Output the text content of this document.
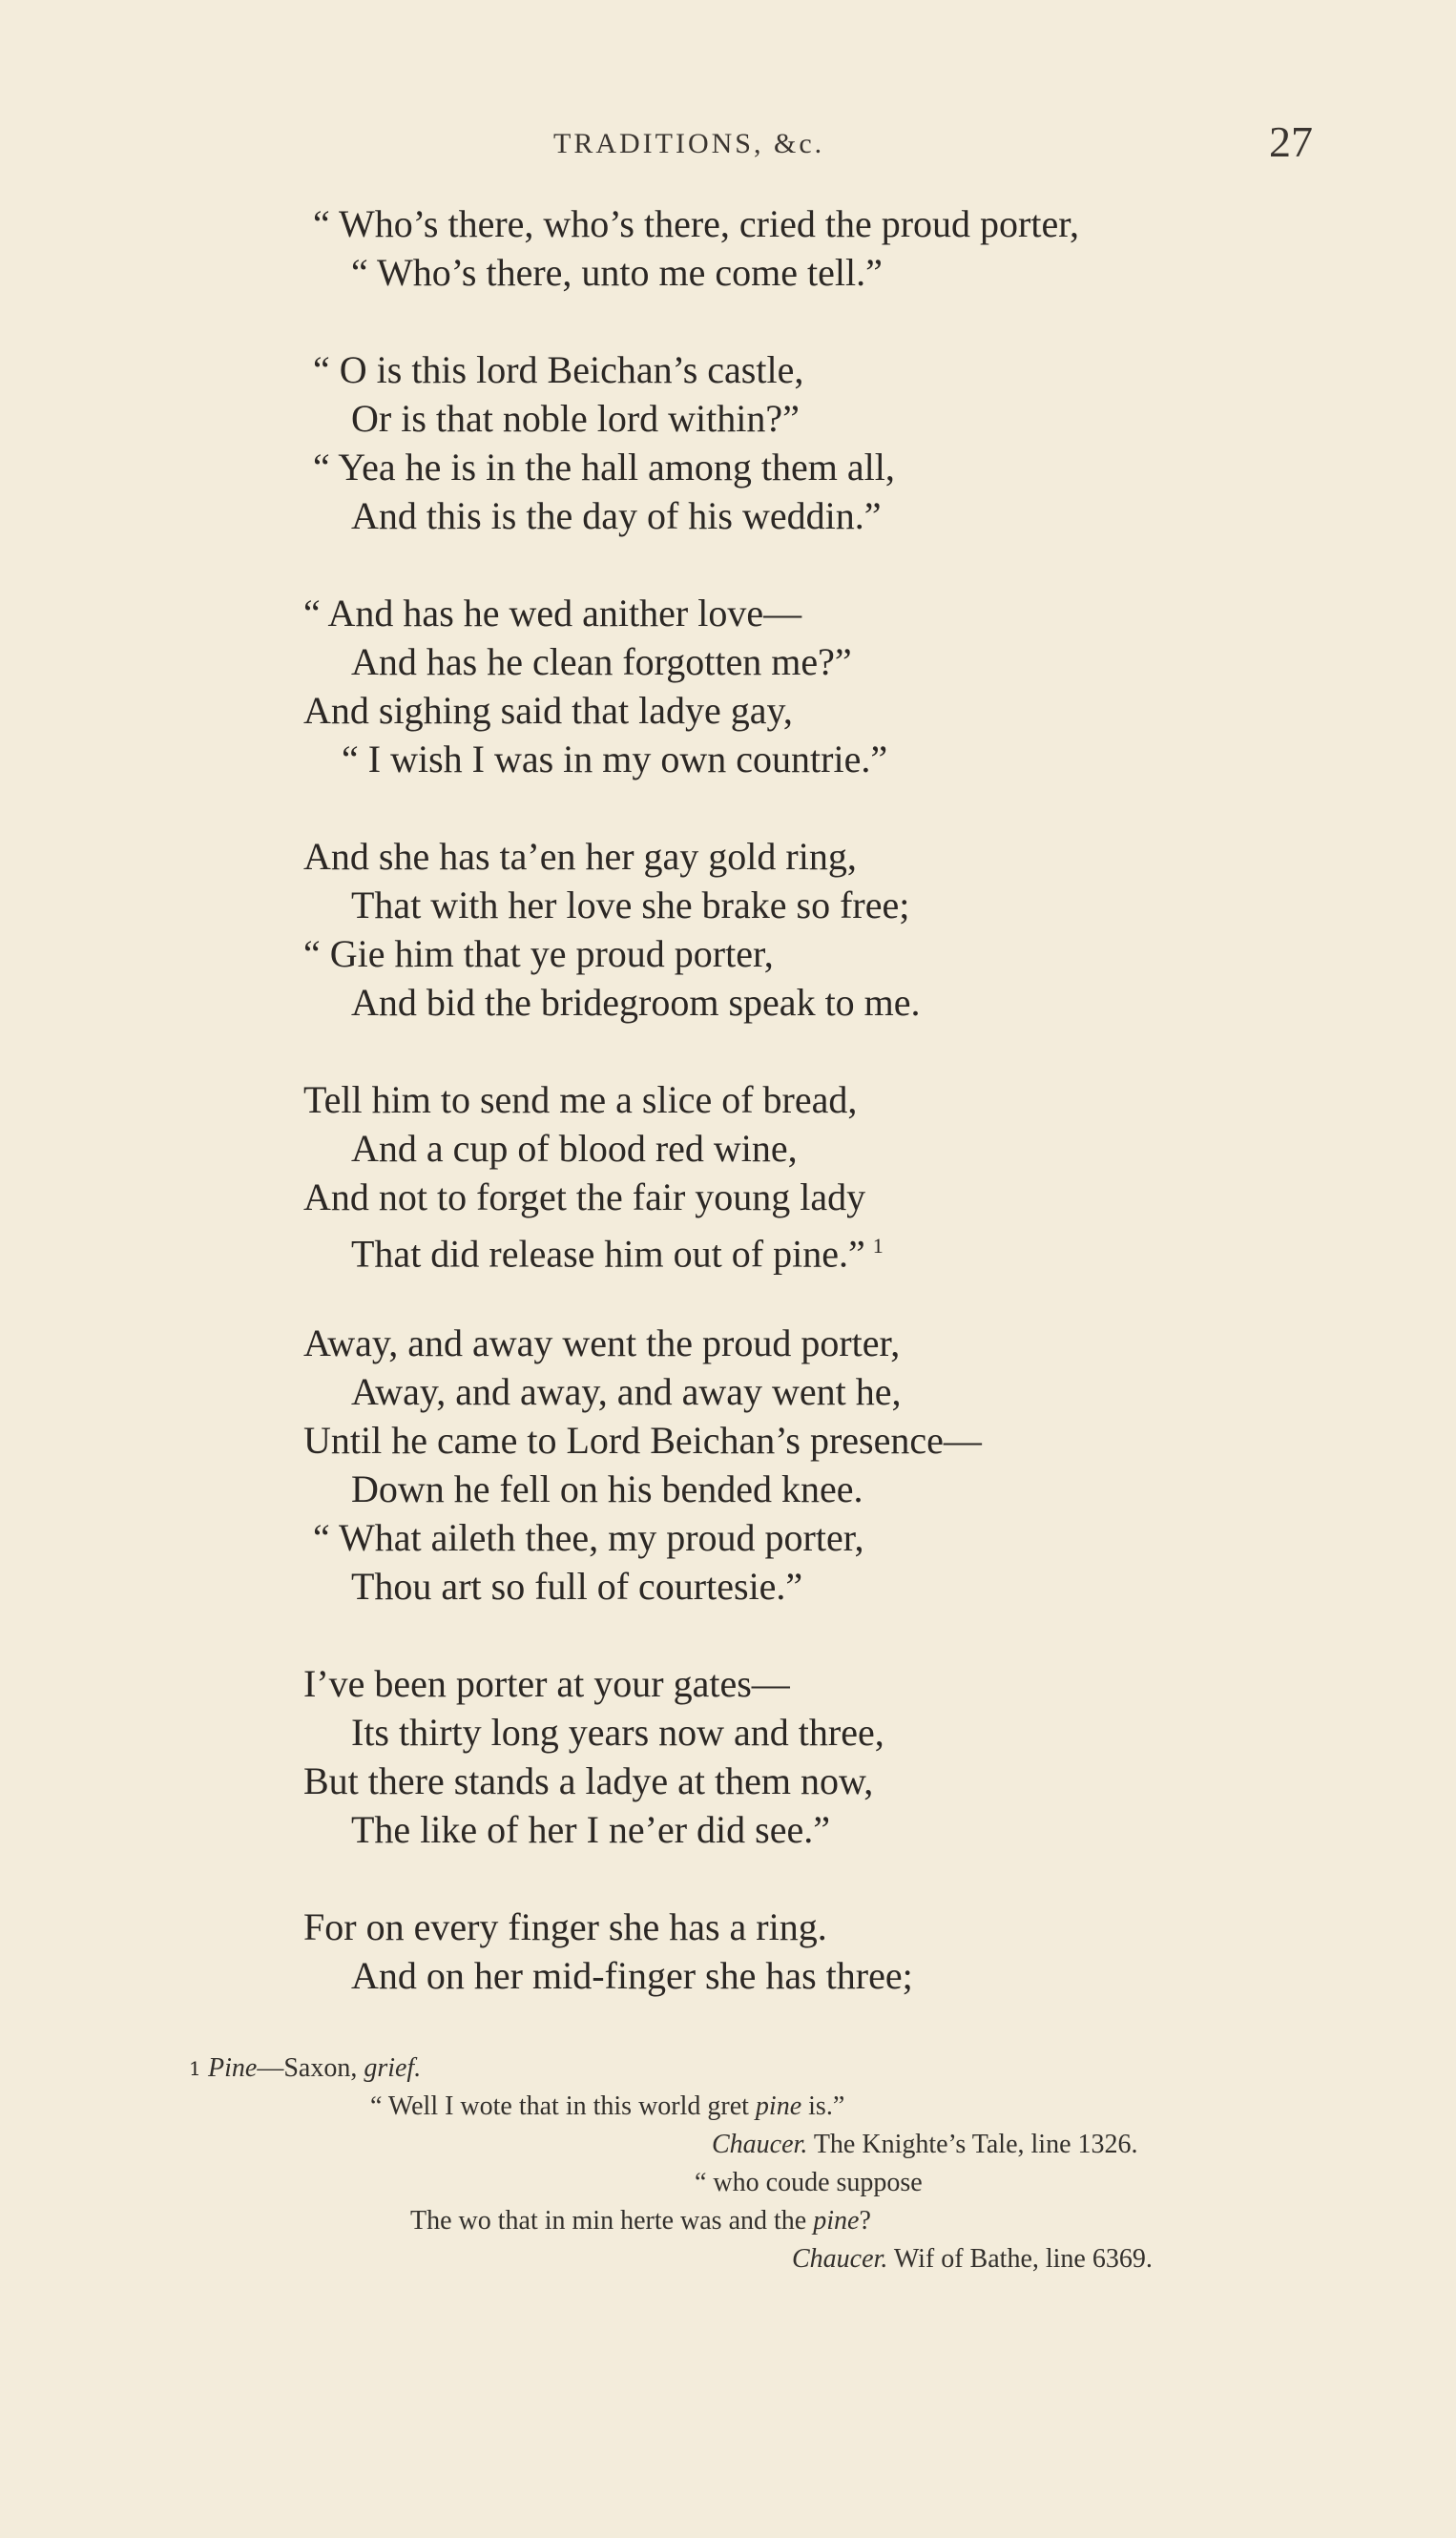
TRADITIONS, &c.	27
“ Who’s there, who’s there, cried the proud porter,
“ Who’s there, unto me come tell.”
“ O is this lord Beichan’s castle,
Or is that noble lord within?”
“ Yea he is in the hall among them all,
And this is the day of his weddin.”
“ And has he wed anither love—
And has he clean forgotten me?”
And sighing said that ladye gay,
“ I wish I was in my own countrie.”
And she has ta’en her gay gold ring,
That with her love she brake so free;
“ Gie him that ye proud porter,
And bid the bridegroom speak to me.
Tell him to send me a slice of bread,
And a cup of blood red wine,
And not to forget the fair young lady
That did release him out of pine.” $^1$
Away, and away went the proud porter,
Away, and away, and away went he,
Until he came to Lord Beichan’s presence—
Down he fell on his bended knee.
“ What aileth thee, my proud porter,
Thou art so full of courtesie.”
I’ve been porter at your gates—
Its thirty long years now and three,
But there stands a ladye at them now,
The like of her I ne’er did see.”
For on every finger she has a ring.
And on her mid-finger she has three;
1 Pine—Saxon, grief.
“ Well I wote that in this world gret pine is.”
Chaucer. The Knighte’s Tale, line 1326.
“ who coude suppose
The wo that in min herte was and the pine?
Chaucer. Wif of Bathe, line 6369.
